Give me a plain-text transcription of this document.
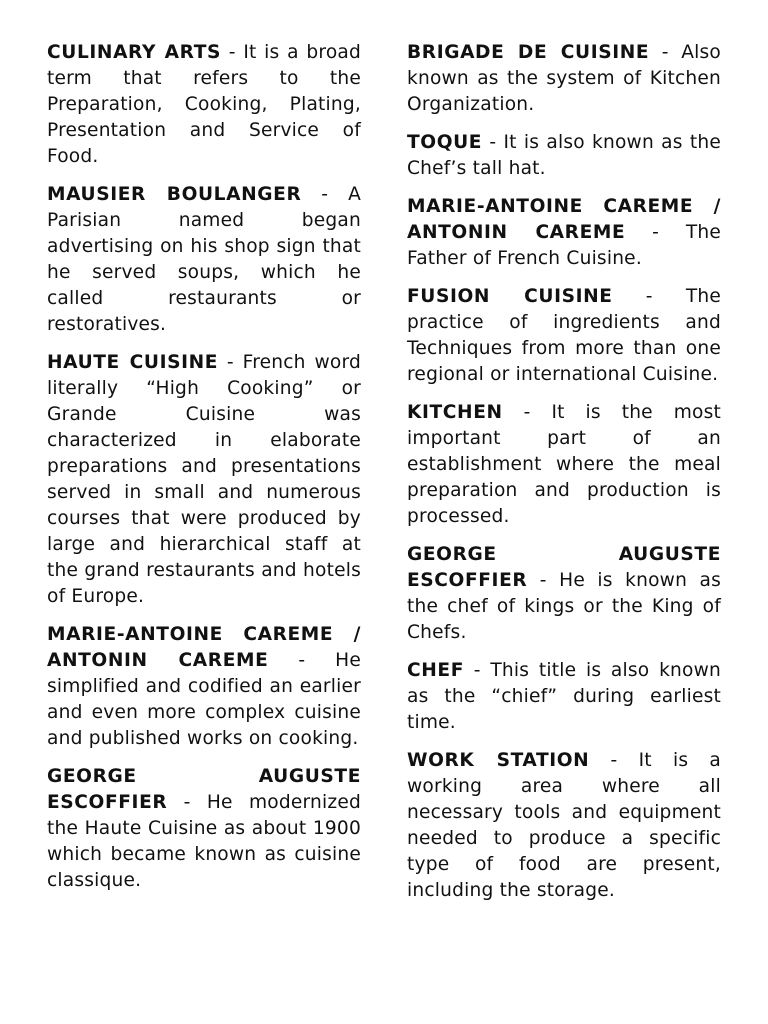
CULINARY ARTS - It is a broad term that refers to the Preparation, Cooking, Plating, Presentation and Service of Food.

MAUSIER BOULANGER - A Parisian named began advertising on his shop sign that he served soups, which he called restaurants or restoratives.

HAUTE CUISINE - French word literally “High Cooking” or Grande Cuisine was characterized in elaborate preparations and presentations served in small and numerous courses that were produced by large and hierarchical staff at the grand restaurants and hotels of Europe.

MARIE-ANTOINE CAREME / ANTONIN CAREME - He simplified and codified an earlier and even more complex cuisine and published works on cooking.

GEORGE AUGUSTE ESCOFFIER - He modernized the Haute Cuisine as about 1900 which became known as cuisine classique.

BRIGADE DE CUISINE - Also known as the system of Kitchen Organization.

TOQUE - It is also known as the Chef’s tall hat.

MARIE-ANTOINE CAREME / ANTONIN CAREME - The Father of French Cuisine.

FUSION CUISINE - The practice of ingredients and Techniques from more than one regional or international Cuisine.

KITCHEN - It is the most important part of an establishment where the meal preparation and production is processed.

GEORGE AUGUSTE ESCOFFIER - He is known as the chef of kings or the King of Chefs.

CHEF - This title is also known as the “chief” during earliest time.

WORK STATION - It is a working area where all necessary tools and equipment needed to produce a specific type of food are present, including the storage.
